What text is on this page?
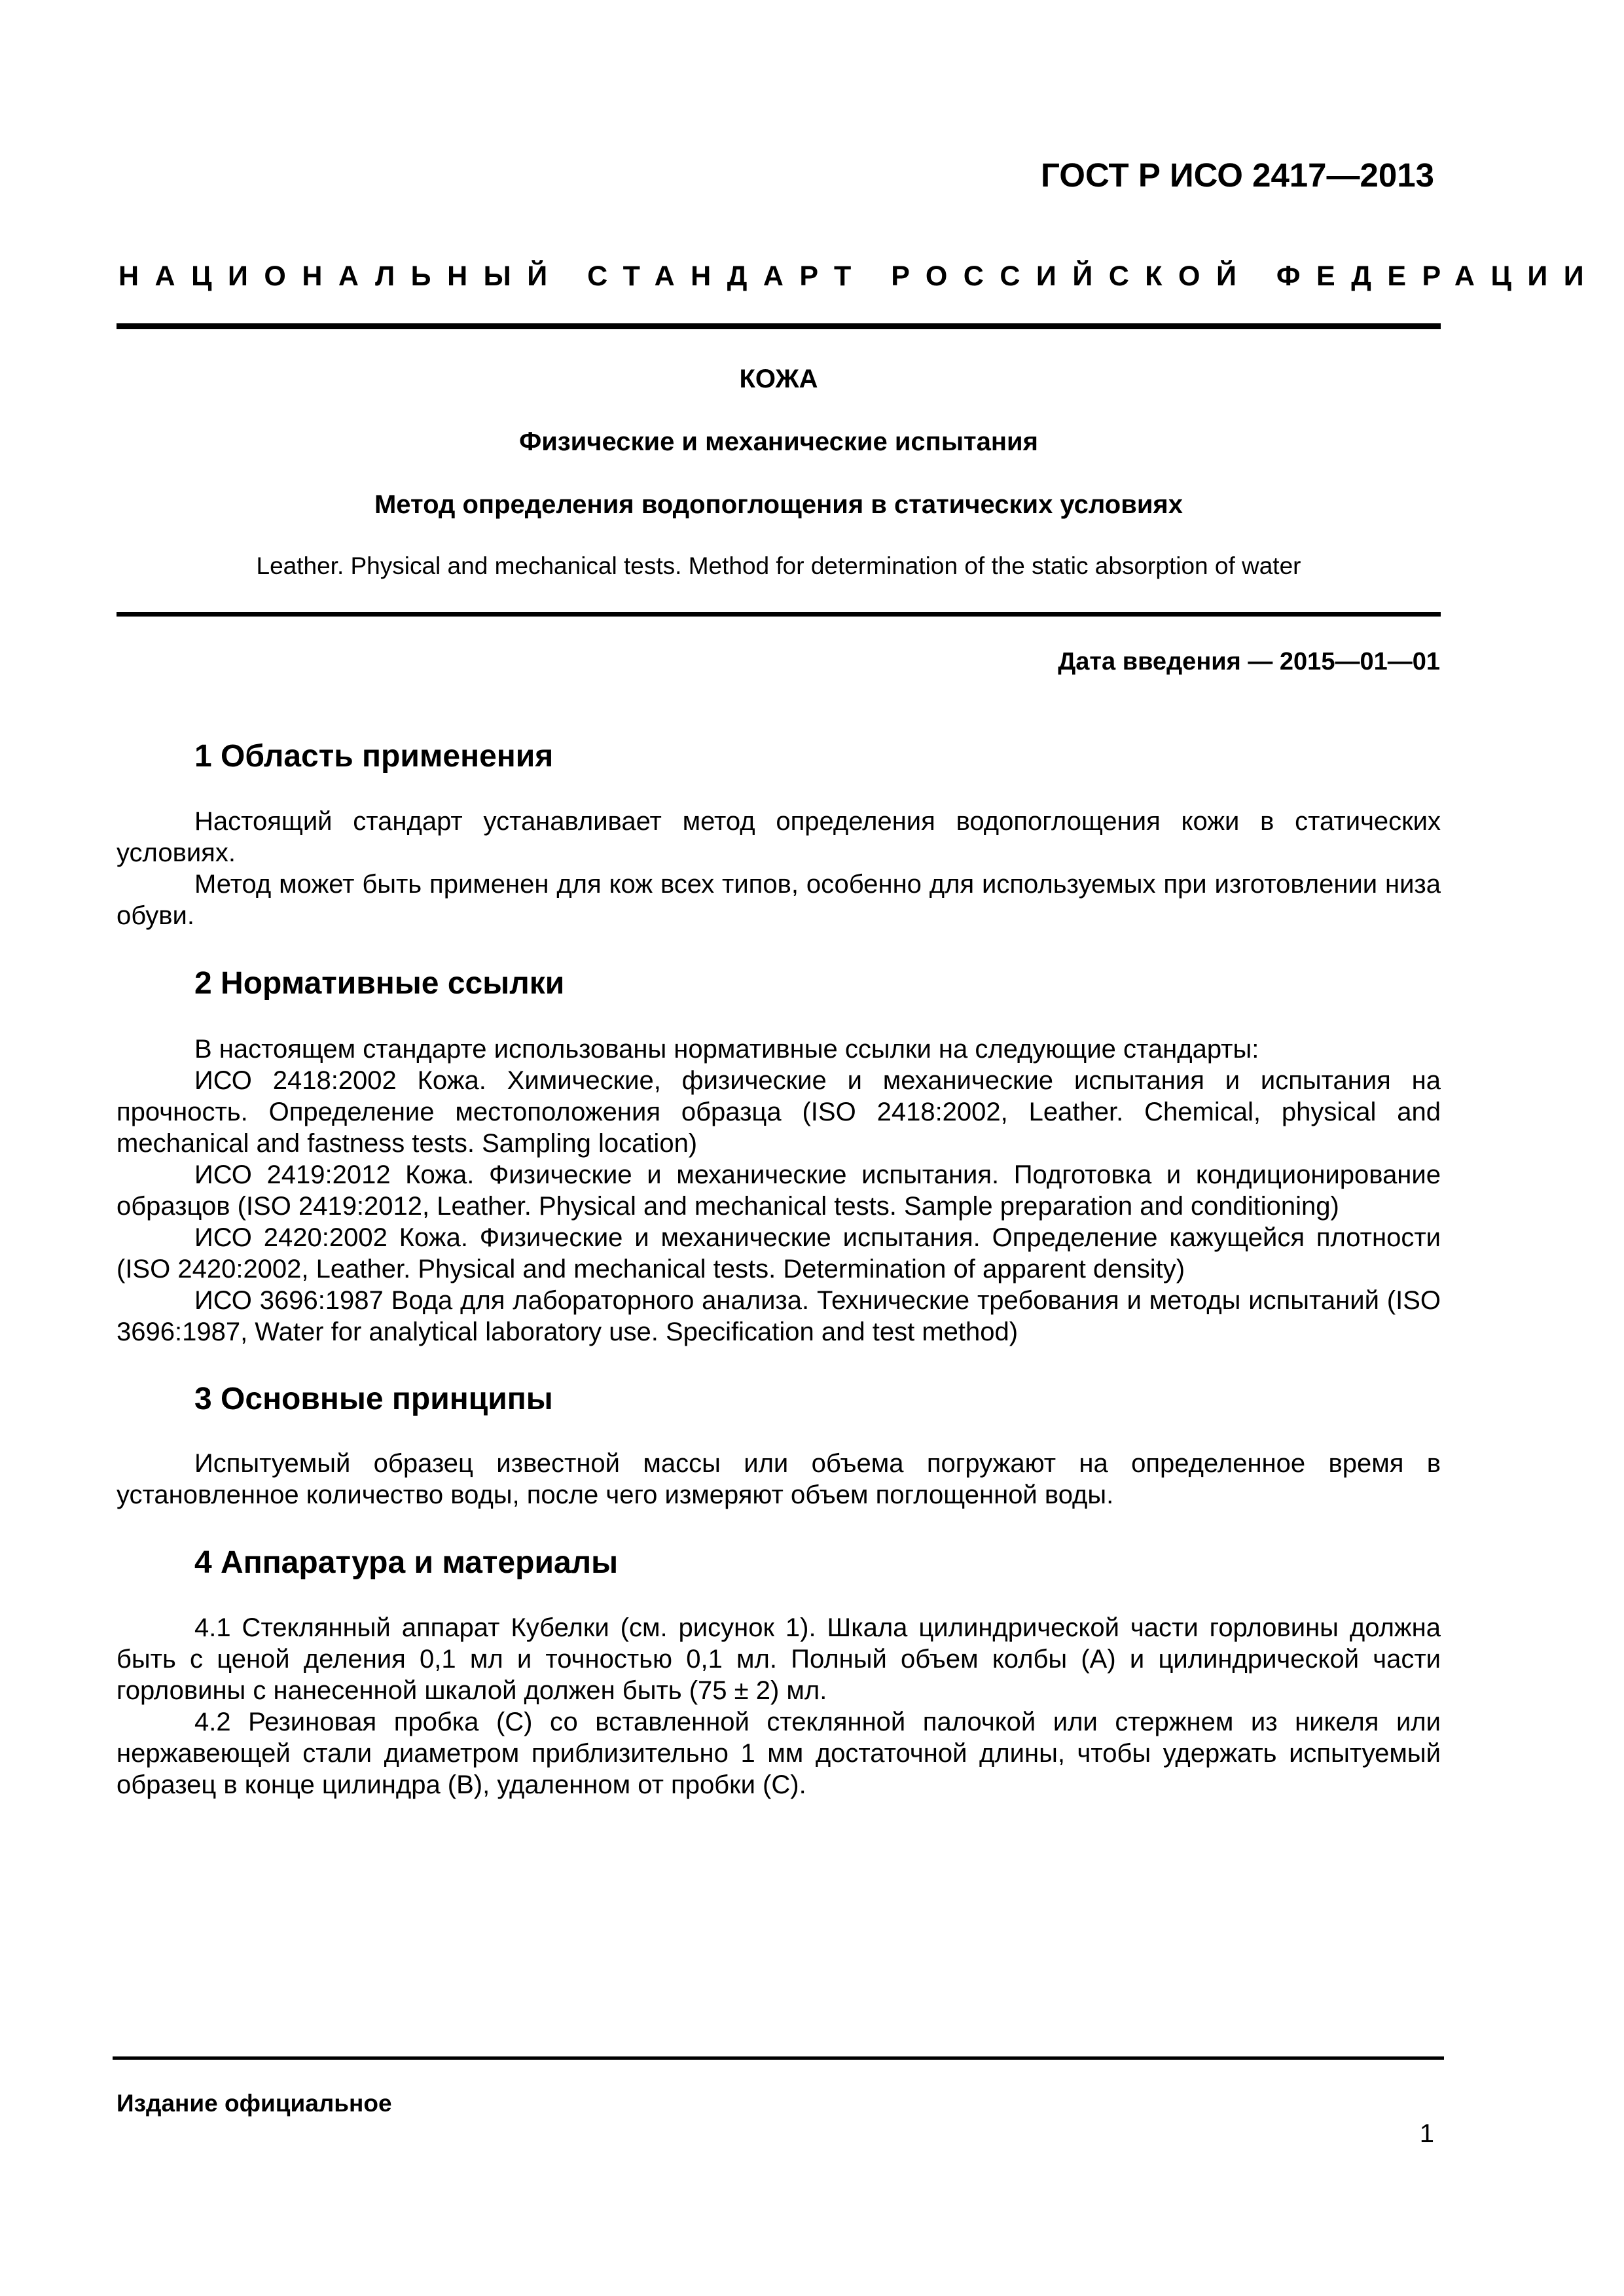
ГОСТ Р ИСО 2417—2013
НАЦИОНАЛЬНЫЙ СТАНДАРТ РОССИЙСКОЙ ФЕДЕРАЦИИ
КОЖА
Физические и механические испытания
Метод определения водопоглощения в статических условиях
Leather. Physical and mechanical tests. Method for determination of the static absorption of water
Дата введения — 2015—01—01
1 Область применения

Настоящий стандарт устанавливает метод определения водопоглощения кожи в статических условиях.

Метод может быть применен для кож всех типов, особенно для используемых при изготовлении низа обуви.

2 Нормативные ссылки

В настоящем стандарте использованы нормативные ссылки на следующие стандарты:

ИСО 2418:2002 Кожа. Химические, физические и механические испытания и испытания на прочность. Определение местоположения образца (ISO 2418:2002, Leather. Chemical, physical and mechanical and fastness tests. Sampling location)

ИСО 2419:2012 Кожа. Физические и механические испытания. Подготовка и кондиционирование образцов (ISO 2419:2012, Leather. Physical and mechanical tests. Sample preparation and conditioning)

ИСО 2420:2002 Кожа. Физические и механические испытания. Определение кажущейся плотности (ISO 2420:2002, Leather. Physical and mechanical tests. Determination of apparent density)

ИСО 3696:1987 Вода для лабораторного анализа. Технические требования и методы испытаний (ISO 3696:1987, Water for analytical laboratory use. Specification and test method)

3 Основные принципы

Испытуемый образец известной массы или объема погружают на определенное время в установленное количество воды, после чего измеряют объем поглощенной воды.

4 Аппаратура и материалы

4.1 Стеклянный аппарат Кубелки (см. рисунок 1). Шкала цилиндрической части горловины должна быть с ценой деления 0,1 мл и точностью 0,1 мл. Полный объем колбы (A) и цилиндрической части горловины с нанесенной шкалой должен быть (75 ± 2) мл.

4.2 Резиновая пробка (C) со вставленной стеклянной палочкой или стержнем из никеля или нержавеющей стали диаметром приблизительно 1 мм достаточной длины, чтобы удержать испытуемый образец в конце цилиндра (B), удаленном от пробки (C).

Издание официальное
1
